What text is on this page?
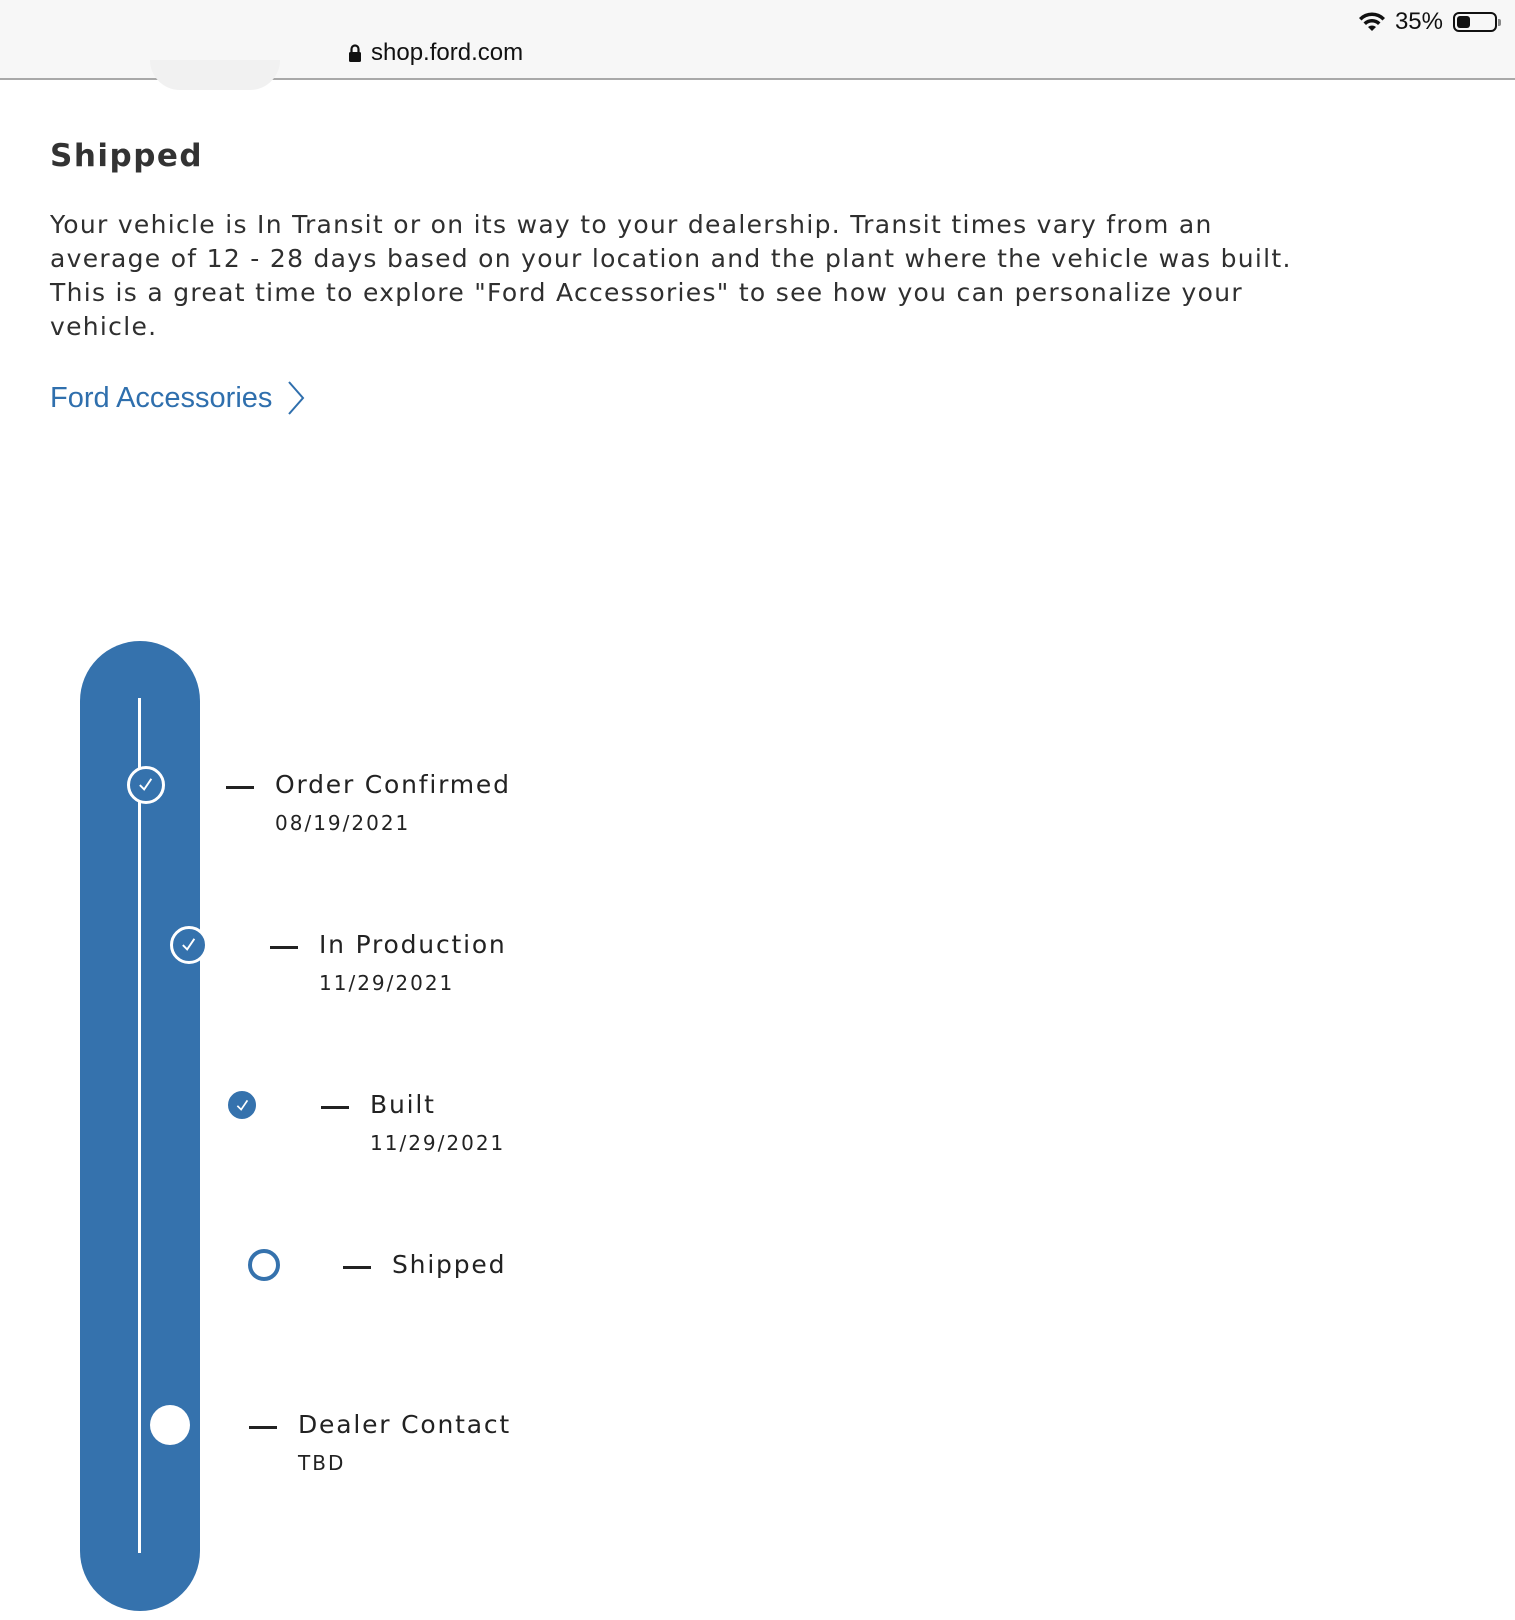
35%
shop.ford.com
Shipped

Your vehicle is In Transit or on its way to your dealership. Transit times vary from an average of 12 - 28 days based on your location and the plant where the vehicle was built. This is a great time to explore "Ford Accessories" to see how you can personalize your vehicle.

Ford Accessories
Order Confirmed
08/19/2021
In Production
11/29/2021
Built
11/29/2021
Shipped
Dealer Contact
TBD
